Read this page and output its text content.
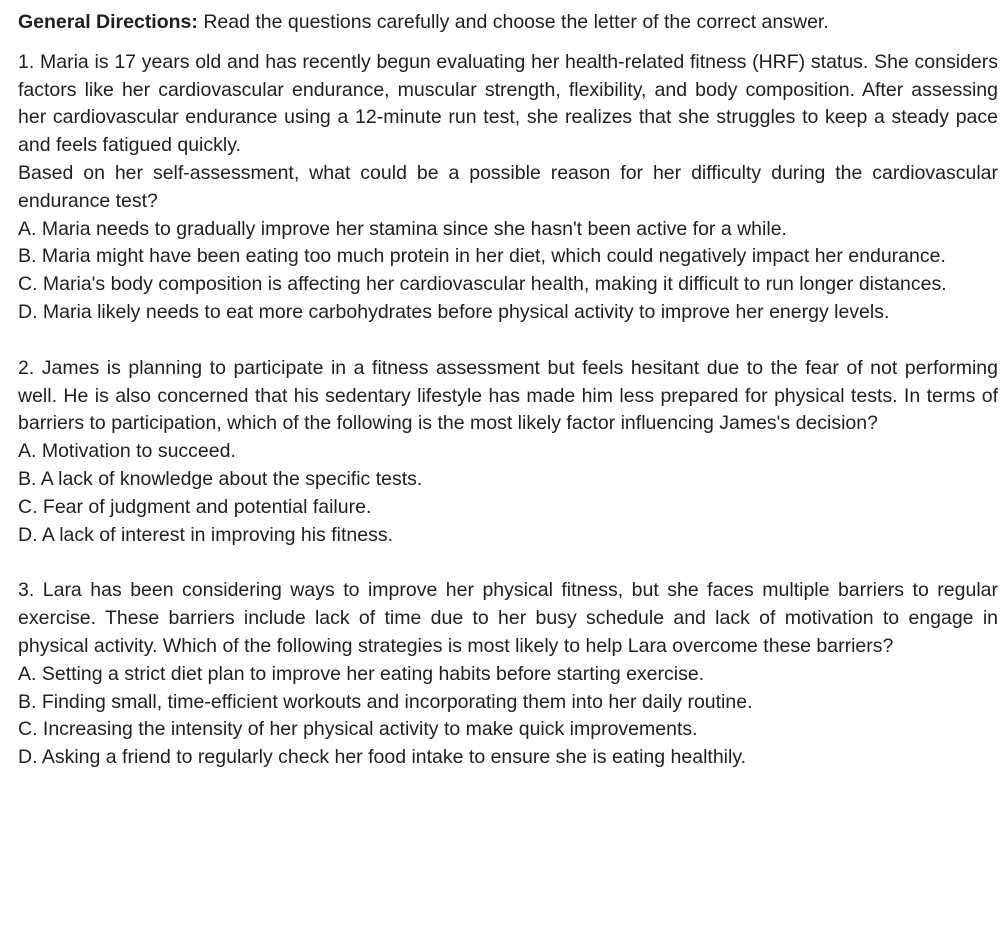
General Directions: Read the questions carefully and choose the letter of the correct answer.

1. Maria is 17 years old and has recently begun evaluating her health-related fitness (HRF) status. She considers factors like her cardiovascular endurance, muscular strength, flexibility, and body composition. After assessing her cardiovascular endurance using a 12-minute run test, she realizes that she struggles to keep a steady pace and feels fatigued quickly.

Based on her self-assessment, what could be a possible reason for her difficulty during the cardiovascular endurance test?

A. Maria needs to gradually improve her stamina since she hasn't been active for a while.

B. Maria might have been eating too much protein in her diet, which could negatively impact her endurance.

C. Maria's body composition is affecting her cardiovascular health, making it difficult to run longer distances.

D. Maria likely needs to eat more carbohydrates before physical activity to improve her energy levels.

2. James is planning to participate in a fitness assessment but feels hesitant due to the fear of not performing well. He is also concerned that his sedentary lifestyle has made him less prepared for physical tests. In terms of barriers to participation, which of the following is the most likely factor influencing James's decision?

A. Motivation to succeed.

B. A lack of knowledge about the specific tests.

C. Fear of judgment and potential failure.

D. A lack of interest in improving his fitness.

3. Lara has been considering ways to improve her physical fitness, but she faces multiple barriers to regular exercise. These barriers include lack of time due to her busy schedule and lack of motivation to engage in physical activity. Which of the following strategies is most likely to help Lara overcome these barriers?

A. Setting a strict diet plan to improve her eating habits before starting exercise.

B. Finding small, time-efficient workouts and incorporating them into her daily routine.

C. Increasing the intensity of her physical activity to make quick improvements.

D. Asking a friend to regularly check her food intake to ensure she is eating healthily.
